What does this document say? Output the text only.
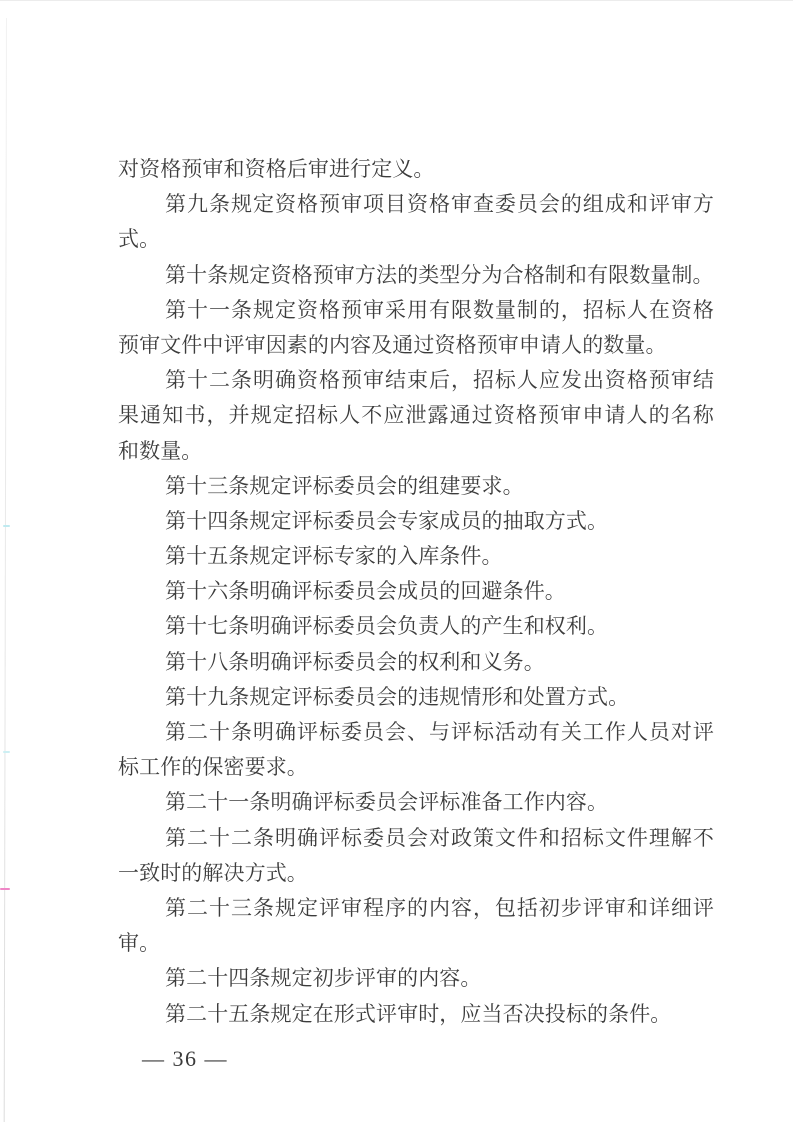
对资格预审和资格后审进行定义。
第九条规定资格预审项目资格审查委员会的组成和评审方
式。
第十条规定资格预审方法的类型分为合格制和有限数量制。
第十一条规定资格预审采用有限数量制的，招标人在资格
预审文件中评审因素的内容及通过资格预审申请人的数量。
第十二条明确资格预审结束后，招标人应发出资格预审结
果通知书，并规定招标人不应泄露通过资格预审申请人的名称
和数量。
第十三条规定评标委员会的组建要求。
第十四条规定评标委员会专家成员的抽取方式。
第十五条规定评标专家的入库条件。
第十六条明确评标委员会成员的回避条件。
第十七条明确评标委员会负责人的产生和权利。
第十八条明确评标委员会的权利和义务。
第十九条规定评标委员会的违规情形和处置方式。
第二十条明确评标委员会、与评标活动有关工作人员对评
标工作的保密要求。
第二十一条明确评标委员会评标准备工作内容。
第二十二条明确评标委员会对政策文件和招标文件理解不
一致时的解决方式。
第二十三条规定评审程序的内容，包括初步评审和详细评
审。
第二十四条规定初步评审的内容。
第二十五条规定在形式评审时，应当否决投标的条件。
— 36 —
